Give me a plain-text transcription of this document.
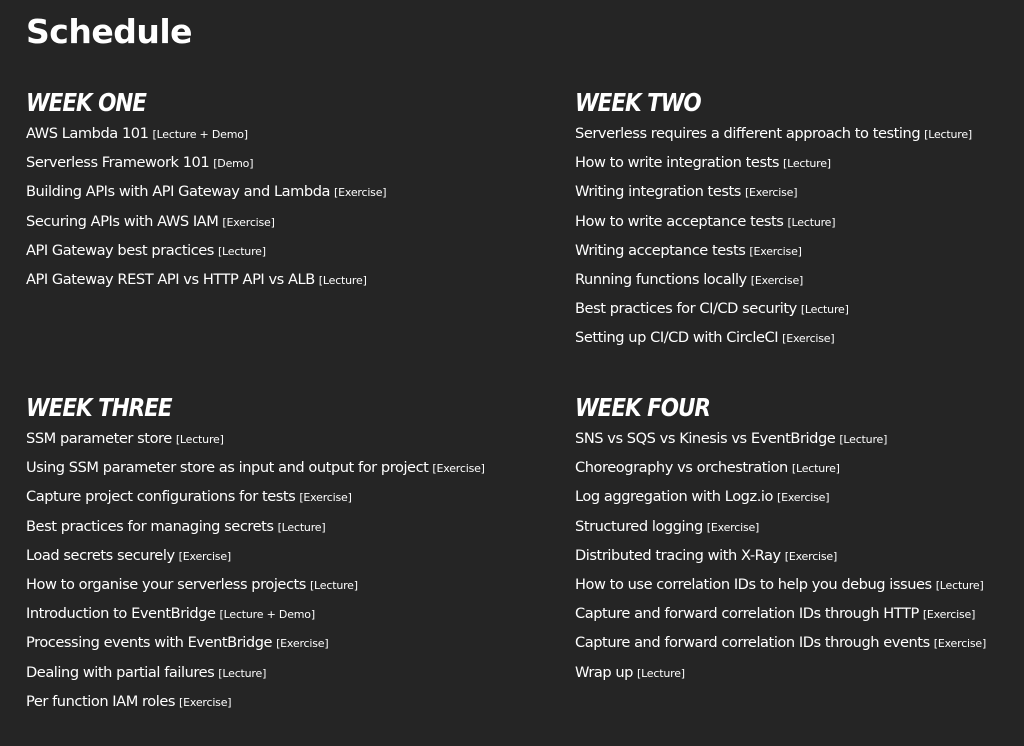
Schedule
WEEK ONE
AWS Lambda 101 [Lecture + Demo]
Serverless Framework 101 [Demo]
Building APIs with API Gateway and Lambda [Exercise]
Securing APIs with AWS IAM [Exercise]
API Gateway best practices [Lecture]
API Gateway REST API vs HTTP API vs ALB [Lecture]
WEEK TWO
Serverless requires a different approach to testing [Lecture]
How to write integration tests [Lecture]
Writing integration tests [Exercise]
How to write acceptance tests [Lecture]
Writing acceptance tests [Exercise]
Running functions locally [Exercise]
Best practices for CI/CD security [Lecture]
Setting up CI/CD with CircleCI [Exercise]
WEEK THREE
SSM parameter store [Lecture]
Using SSM parameter store as input and output for project [Exercise]
Capture project configurations for tests [Exercise]
Best practices for managing secrets [Lecture]
Load secrets securely [Exercise]
How to organise your serverless projects [Lecture]
Introduction to EventBridge [Lecture + Demo]
Processing events with EventBridge [Exercise]
Dealing with partial failures [Lecture]
Per function IAM roles [Exercise]
WEEK FOUR
SNS vs SQS vs Kinesis vs EventBridge [Lecture]
Choreography vs orchestration [Lecture]
Log aggregation with Logz.io [Exercise]
Structured logging [Exercise]
Distributed tracing with X-Ray [Exercise]
How to use correlation IDs to help you debug issues [Lecture]
Capture and forward correlation IDs through HTTP [Exercise]
Capture and forward correlation IDs through events [Exercise]
Wrap up [Lecture]
